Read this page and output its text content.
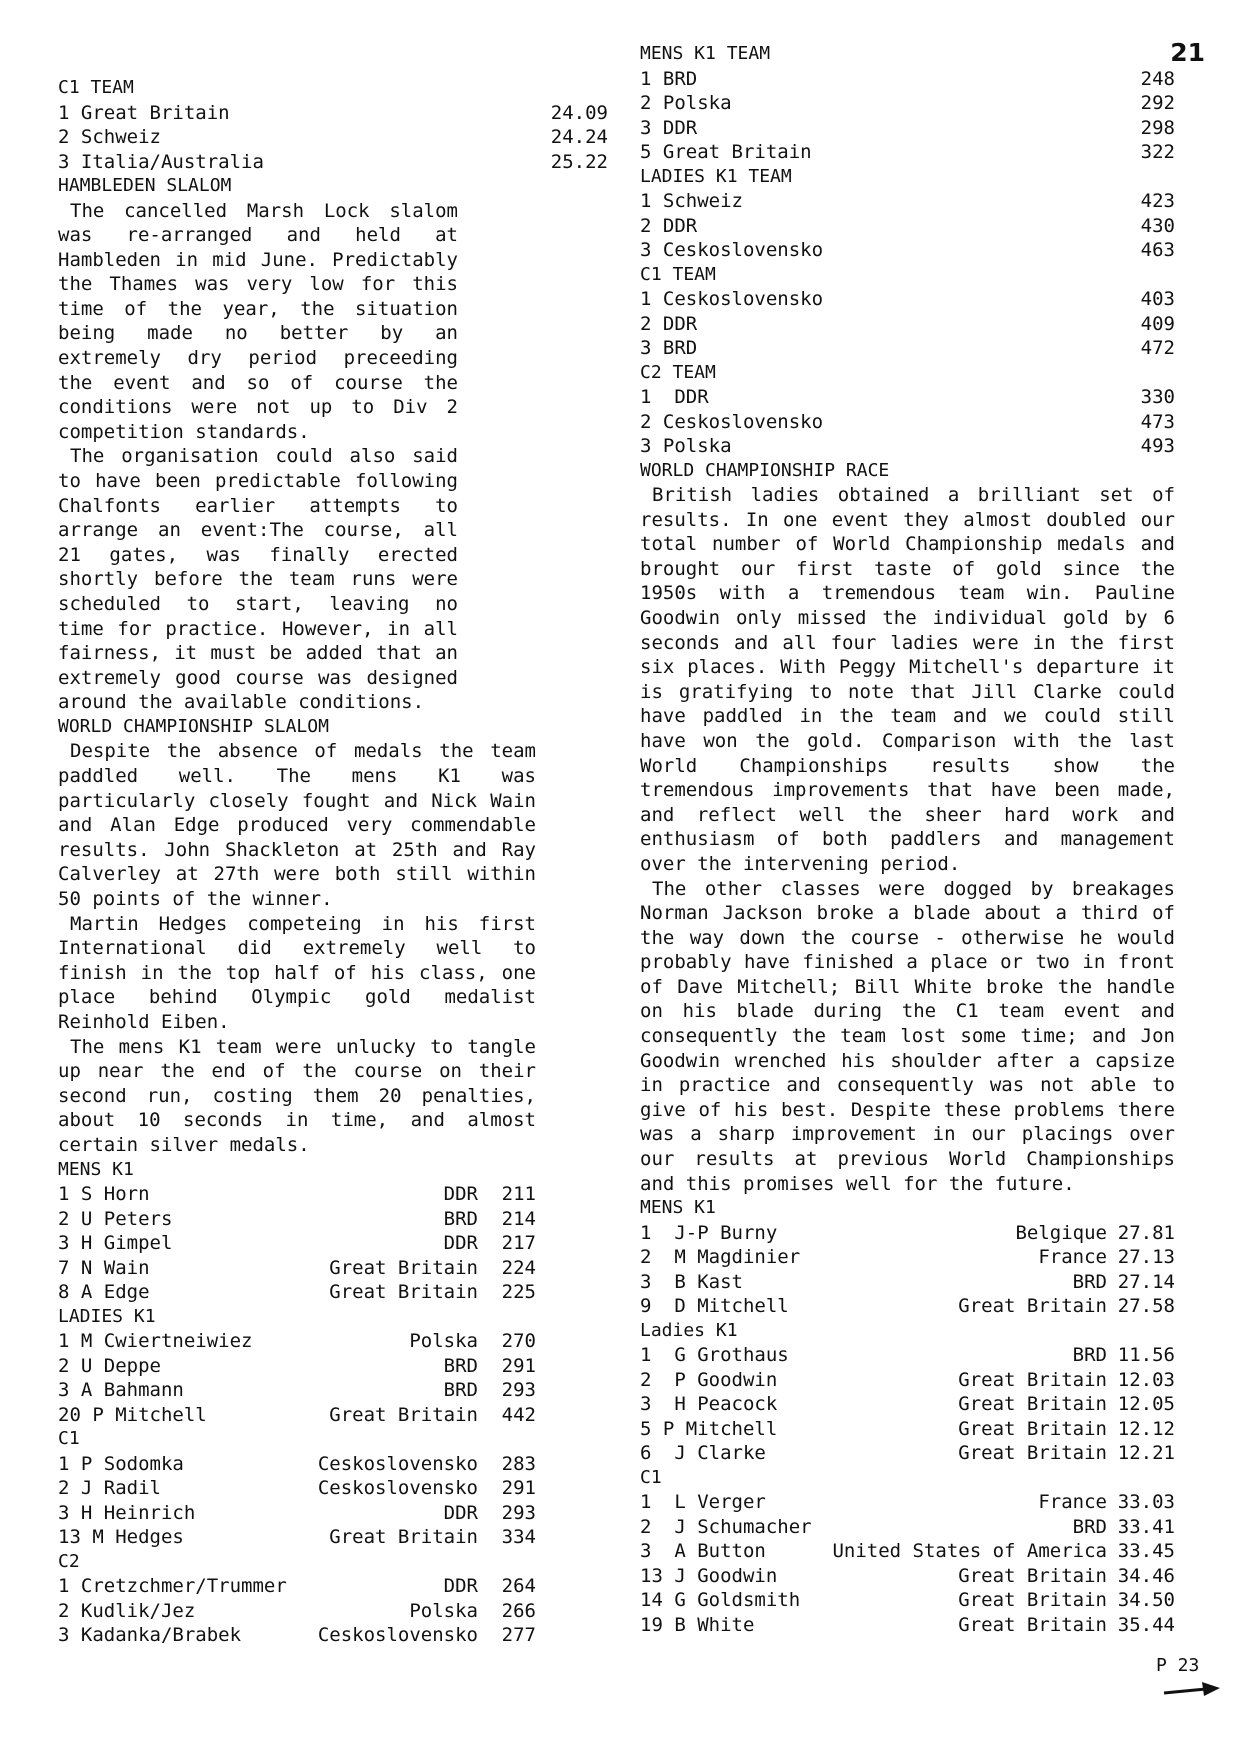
21
C1 TEAM
1 Great Britain	24.09
2 Schweiz	24.24
3 Italia/Australia	25.22
HAMBLEDEN SLALOM

The cancelled Marsh Lock slalom was re-arranged and held at Hambleden in mid June. Predictably the Thames was very low for this time of the year, the situation being made no better by an extremely dry period preceeding the event and so of course the conditions were not up to Div 2 competition standards.

The organisation could also said to have been predictable following Chalfonts earlier attempts to arrange an event:The course, all 21 gates, was finally erected shortly before the team runs were scheduled to start, leaving no time for practice. However, in all fairness, it must be added that an extremely good course was designed around the available conditions.

WORLD CHAMPIONSHIP SLALOM

Despite the absence of medals the team paddled well. The mens K1 was particularly closely fought and Nick Wain and Alan Edge produced very commendable results. John Shackleton at 25th and Ray Calverley at 27th were both still within 50 points of the winner.

Martin Hedges competeing in his first International did extremely well to finish in the top half of his class, one place behind Olympic gold medalist Reinhold Eiben.

The mens K1 team were unlucky to tangle up near the end of the course on their second run, costing them 20 penalties, about 10 seconds in time, and almost certain silver medals.

MENS K1
1 S Horn	DDR	211
2 U Peters	BRD	214
3 H Gimpel	DDR	217
7 N Wain	Great Britain	224
8 A Edge	Great Britain	225
LADIES K1
1 M Cwiertneiwiez	Polska	270
2 U Deppe	BRD	291
3 A Bahmann	BRD	293
20 P Mitchell	Great Britain	442
C1
1 P Sodomka	Ceskoslovensko	283
2 J Radil	Ceskoslovensko	291
3 H Heinrich	DDR	293
13 M Hedges	Great Britain	334
C2
1 Cretzchmer/Trummer	DDR	264
2 Kudlik/Jez	Polska	266
3 Kadanka/Brabek	Ceskoslovensko	277
MENS K1 TEAM
1 BRD	248
2 Polska	292
3 DDR	298
5 Great Britain	322
LADIES K1 TEAM
1 Schweiz	423
2 DDR	430
3 Ceskoslovensko	463
C1 TEAM
1 Ceskoslovensko	403
2 DDR	409
3 BRD	472
C2 TEAM
1  DDR	330
2 Ceskoslovensko	473
3 Polska	493
WORLD CHAMPIONSHIP RACE

British ladies obtained a brilliant set of results. In one event they almost doubled our total number of World Championship medals and brought our first taste of gold since the 1950s with a tremendous team win. Pauline Goodwin only missed the individual gold by 6 seconds and all four ladies were in the first six places. With Peggy Mitchell's departure it is gratifying to note that Jill Clarke could have paddled in the team and we could still have won the gold. Comparison with the last World Championships results show the tremendous improvements that have been made, and reflect well the sheer hard work and enthusiasm of both paddlers and management over the intervening period.

The other classes were dogged by breakages Norman Jackson broke a blade about a third of the way down the course - otherwise he would probably have finished a place or two in front of Dave Mitchell; Bill White broke the handle on his blade during the C1 team event and consequently the team lost some time; and Jon Goodwin wrenched his shoulder after a capsize in practice and consequently was not able to give of his best. Despite these problems there was a sharp improvement in our placings over our results at previous World Championships and this promises well for the future.

MENS K1
1  J-P Burny	Belgique 27.81
2  M Magdinier	France 27.13
3  B Kast	BRD 27.14
9  D Mitchell	Great Britain 27.58
Ladies K1
1  G Grothaus	BRD 11.56
2  P Goodwin	Great Britain 12.03
3  H Peacock	Great Britain 12.05
5 P Mitchell	Great Britain 12.12
6  J Clarke	Great Britain 12.21
C1
1  L Verger	France 33.03
2  J Schumacher	BRD 33.41
3  A Button	United States of America 33.45
13 J Goodwin	Great Britain 34.46
14 G Goldsmith	Great Britain 34.50
19 B White	Great Britain 35.44
P 23
